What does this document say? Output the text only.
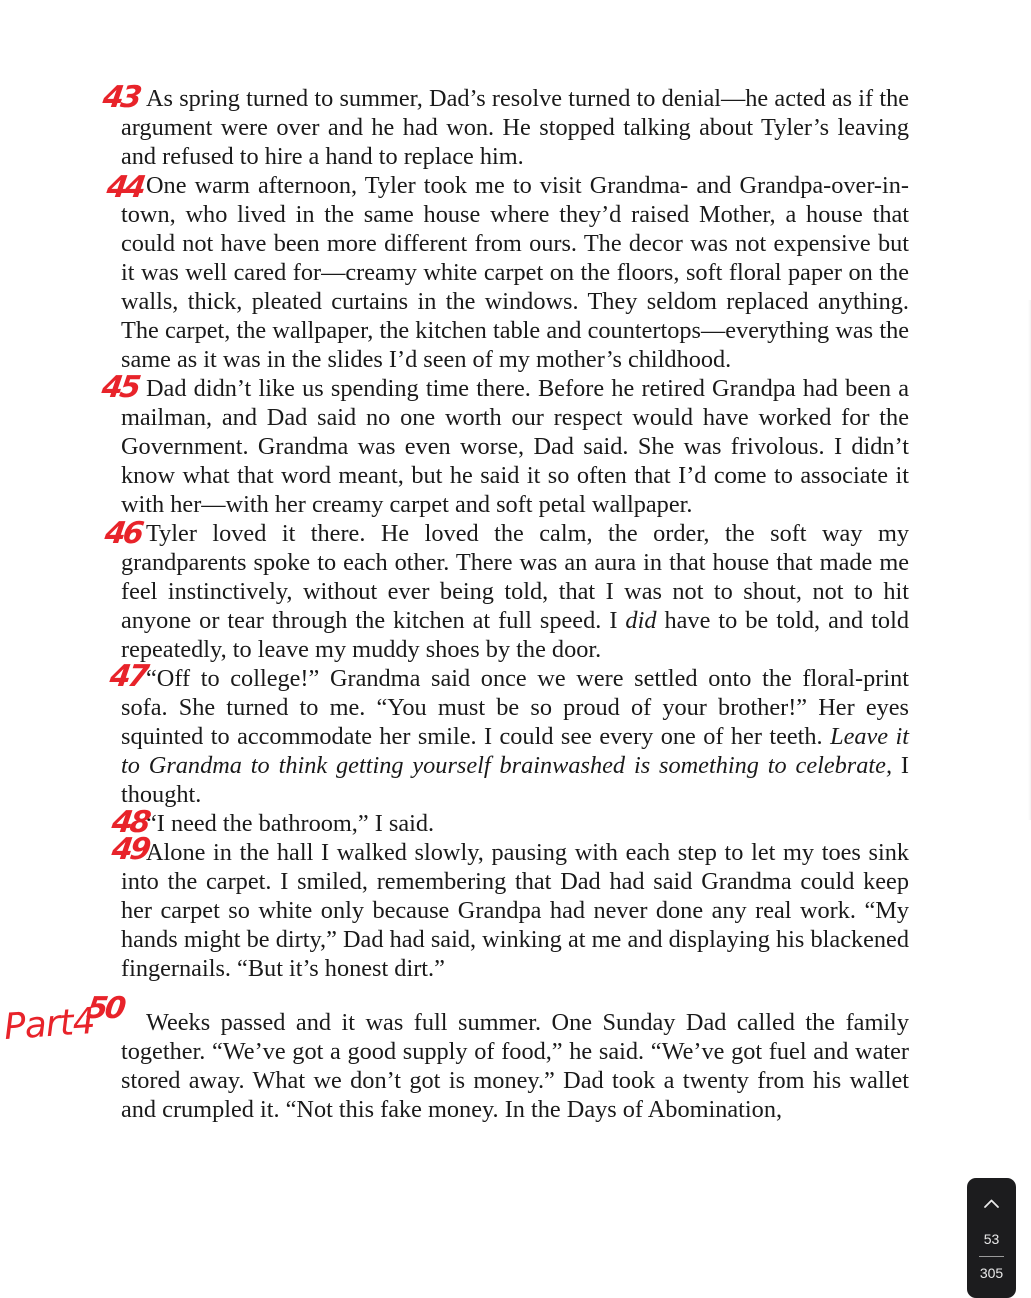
As spring turned to summer, Dad’s resolve turned to denial—he acted as if the argument were over and he had won. He stopped talking about Tyler’s leaving and refused to hire a hand to replace him.
43

One warm afternoon, Tyler took me to visit Grandma- and Grandpa-over-in-town, who lived in the same house where they’d raised Mother, a house that could not have been more different from ours. The decor was not expensive but it was well cared for—creamy white carpet on the floors, soft floral paper on the walls, thick, pleated curtains in the windows. They seldom replaced anything. The carpet, the wallpaper, the kitchen table and countertops—everything was the same as it was in the slides I’d seen of my mother’s childhood.
44

Dad didn’t like us spending time there. Before he retired Grandpa had been a mailman, and Dad said no one worth our respect would have worked for the Government. Grandma was even worse, Dad said. She was frivolous. I didn’t know what that word meant, but he said it so often that I’d come to associate it with her—with her creamy carpet and soft petal wallpaper.
45

Tyler loved it there. He loved the calm, the order, the soft way my grandparents spoke to each other. There was an aura in that house that made me feel instinctively, without ever being told, that I was not to shout, not to hit anyone or tear through the kitchen at full speed. I did have to be told, and told repeatedly, to leave my muddy shoes by the door.
46

“Off to college!” Grandma said once we were settled onto the floral-print sofa. She turned to me. “You must be so proud of your brother!” Her eyes squinted to accommodate her smile. I could see every one of her teeth. Leave it to Grandma to think getting yourself brainwashed is something to celebrate, I thought.
47

“I need the bathroom,” I said.
48

Alone in the hall I walked slowly, pausing with each step to let my toes sink into the carpet. I smiled, remembering that Dad had said Grandma could keep her carpet so white only because Grandpa had never done any real work. “My hands might be dirty,” Dad had said, winking at me and displaying his blackened fingernails. “But it’s honest dirt.”
49

Weeks passed and it was full summer. One Sunday Dad called the family together. “We’ve got a good supply of food,” he said. “We’ve got fuel and water stored away. What we don’t got is money.” Dad took a twenty from his wallet and crumpled it. “Not this fake money. In the Days of Abomination,
50

Part4
53
305
